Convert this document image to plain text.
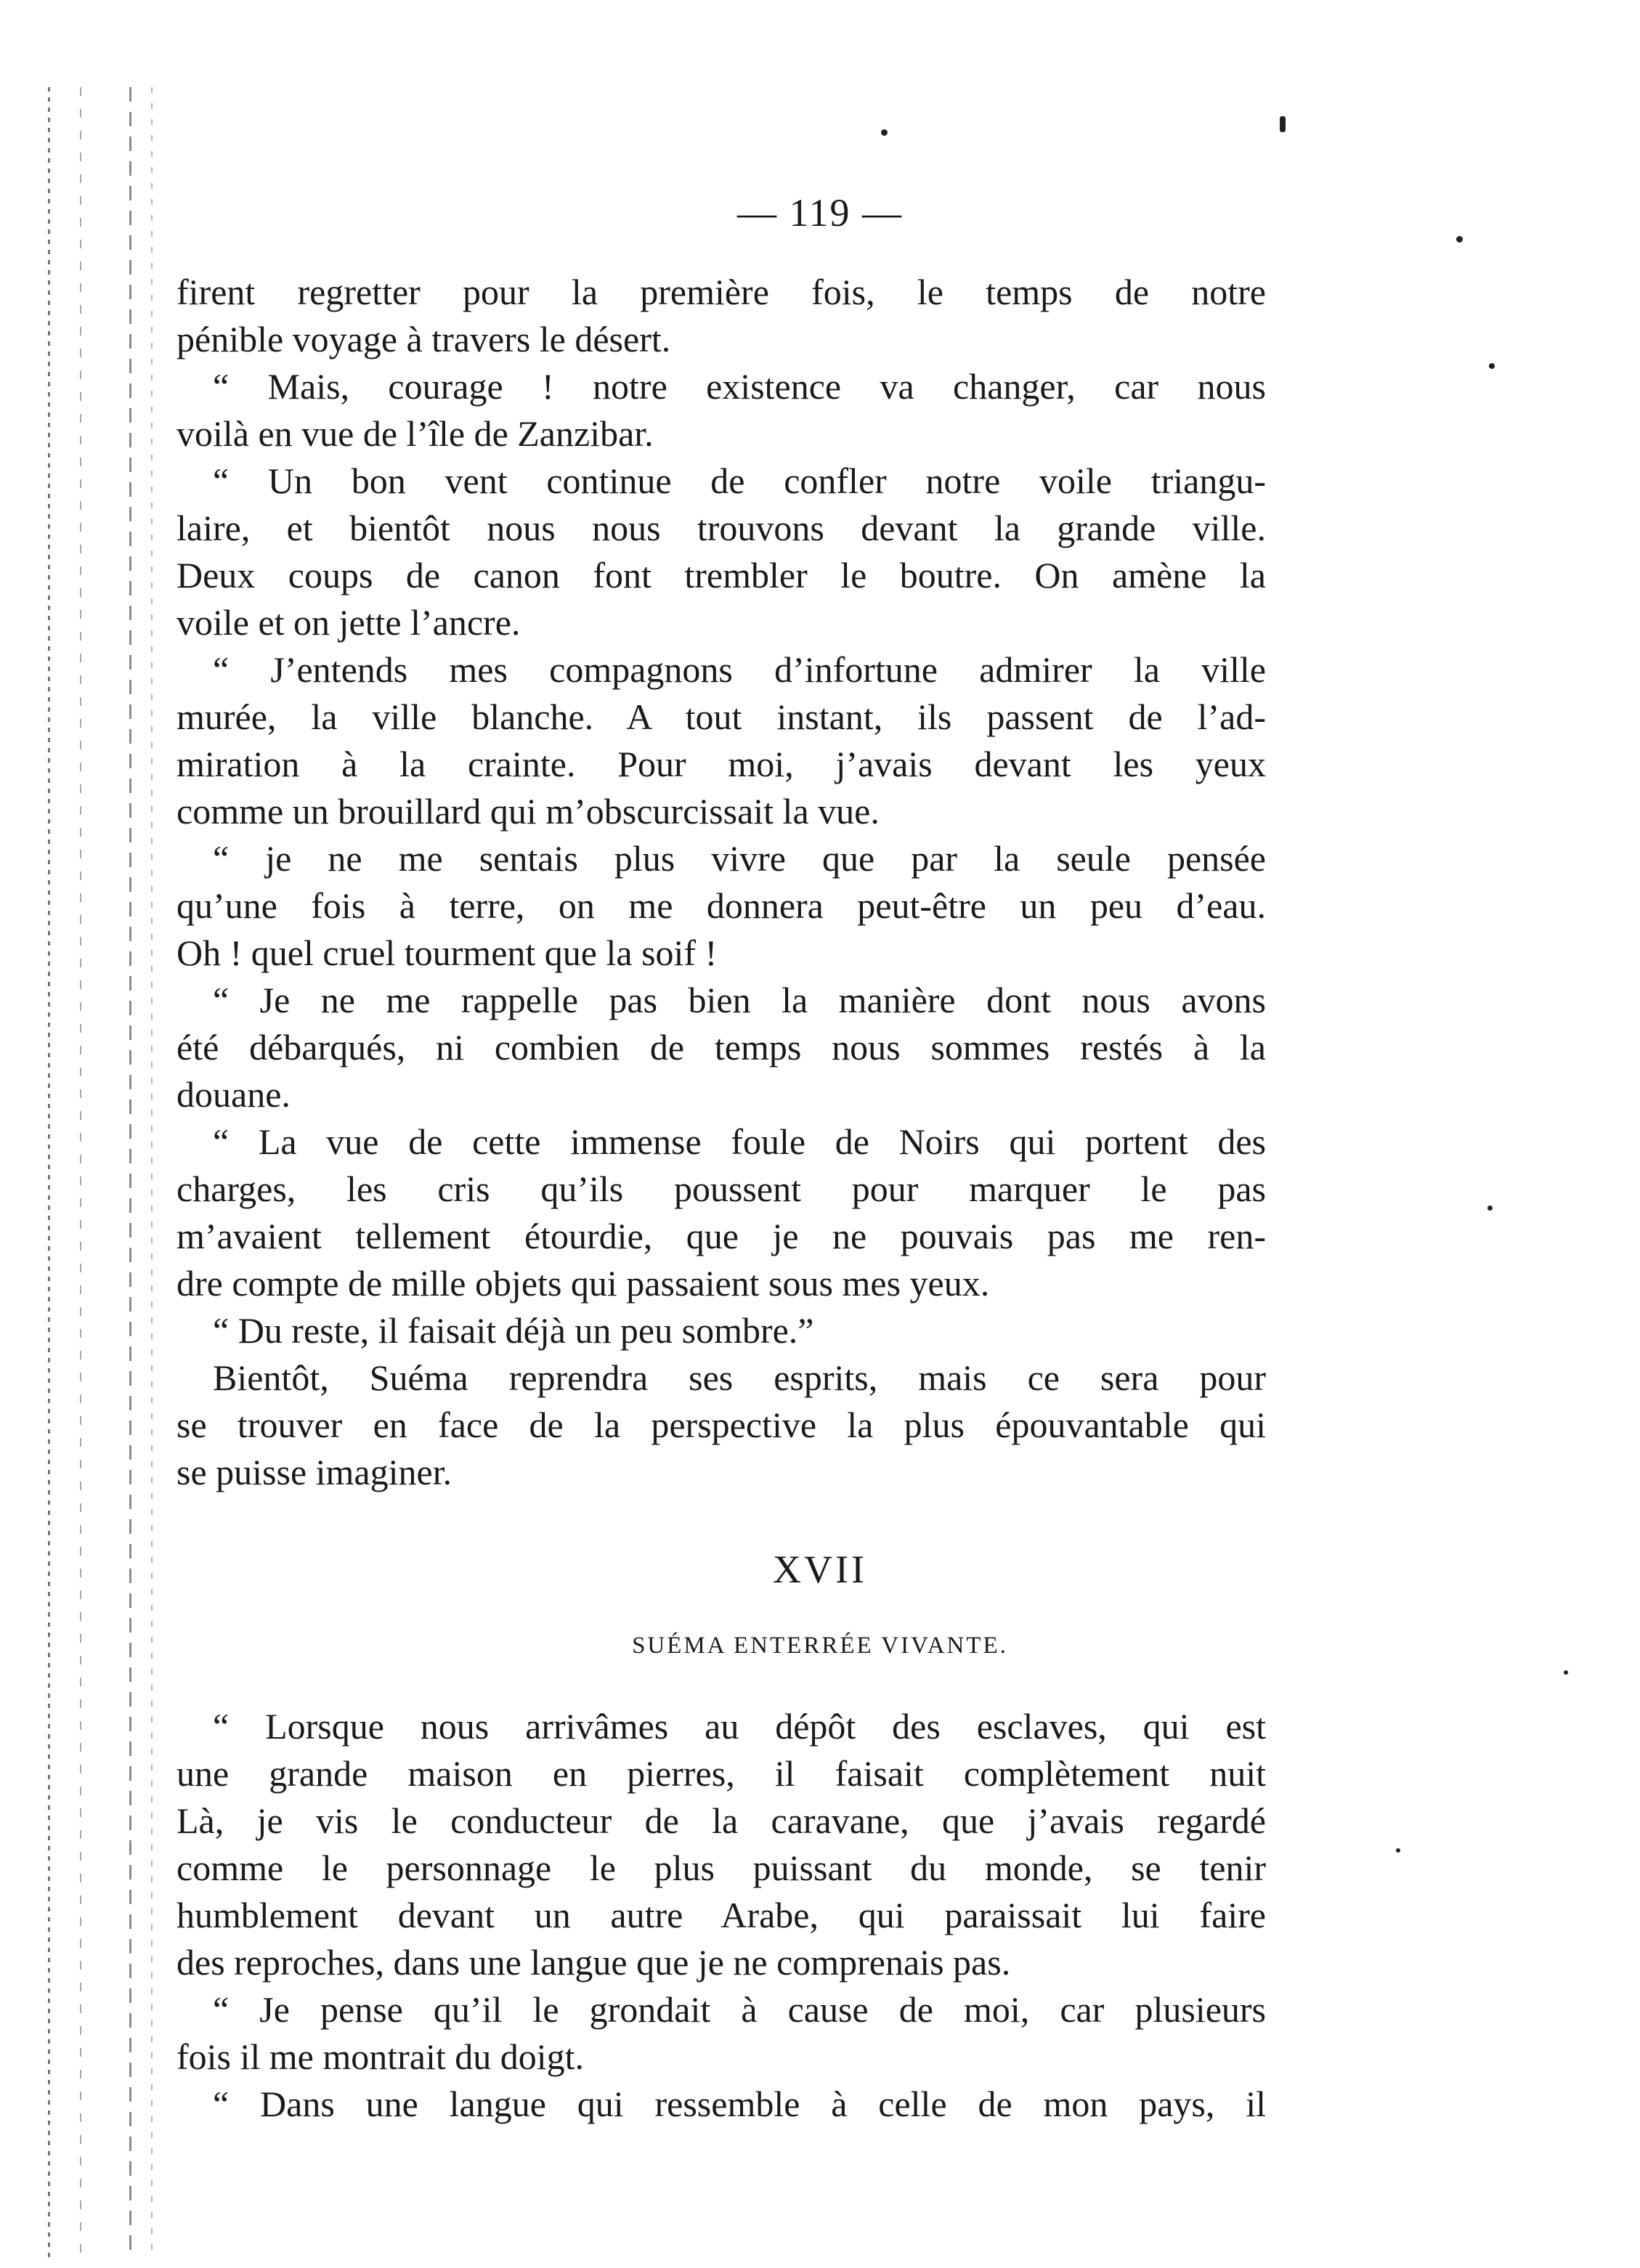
— 119 —
firent regretter pour la première fois, le temps de notre
pénible voyage à travers le désert.
“ Mais, courage ! notre existence va changer, car nous
voilà en vue de l’île de Zanzibar.
“ Un bon vent continue de confler notre voile triangu-
laire, et bientôt nous nous trouvons devant la grande ville.
Deux coups de canon font trembler le boutre. On amène la
voile et on jette l’ancre.
“ J’entends mes compagnons d’infortune admirer la ville
murée, la ville blanche. A tout instant, ils passent de l’ad-
miration à la crainte. Pour moi, j’avais devant les yeux
comme un brouillard qui m’obscurcissait la vue.
“ je ne me sentais plus vivre que par la seule pensée
qu’une fois à terre, on me donnera peut-être un peu d’eau.
Oh ! quel cruel tourment que la soif !
“ Je ne me rappelle pas bien la manière dont nous avons
été débarqués, ni combien de temps nous sommes restés à la
douane.
“ La vue de cette immense foule de Noirs qui portent des
charges, les cris qu’ils poussent pour marquer le pas
m’avaient tellement étourdie, que je ne pouvais pas me ren-
dre compte de mille objets qui passaient sous mes yeux.
“ Du reste, il faisait déjà un peu sombre.”
Bientôt, Suéma reprendra ses esprits, mais ce sera pour
se trouver en face de la perspective la plus épouvantable qui
se puisse imaginer.
XVII
SUÉMA ENTERRÉE VIVANTE.
“ Lorsque nous arrivâmes au dépôt des esclaves, qui est
une grande maison en pierres, il faisait complètement nuit
Là, je vis le conducteur de la caravane, que j’avais regardé
comme le personnage le plus puissant du monde, se tenir
humblement devant un autre Arabe, qui paraissait lui faire
des reproches, dans une langue que je ne comprenais pas.
“ Je pense qu’il le grondait à cause de moi, car plusieurs
fois il me montrait du doigt.
“ Dans une langue qui ressemble à celle de mon pays, il
